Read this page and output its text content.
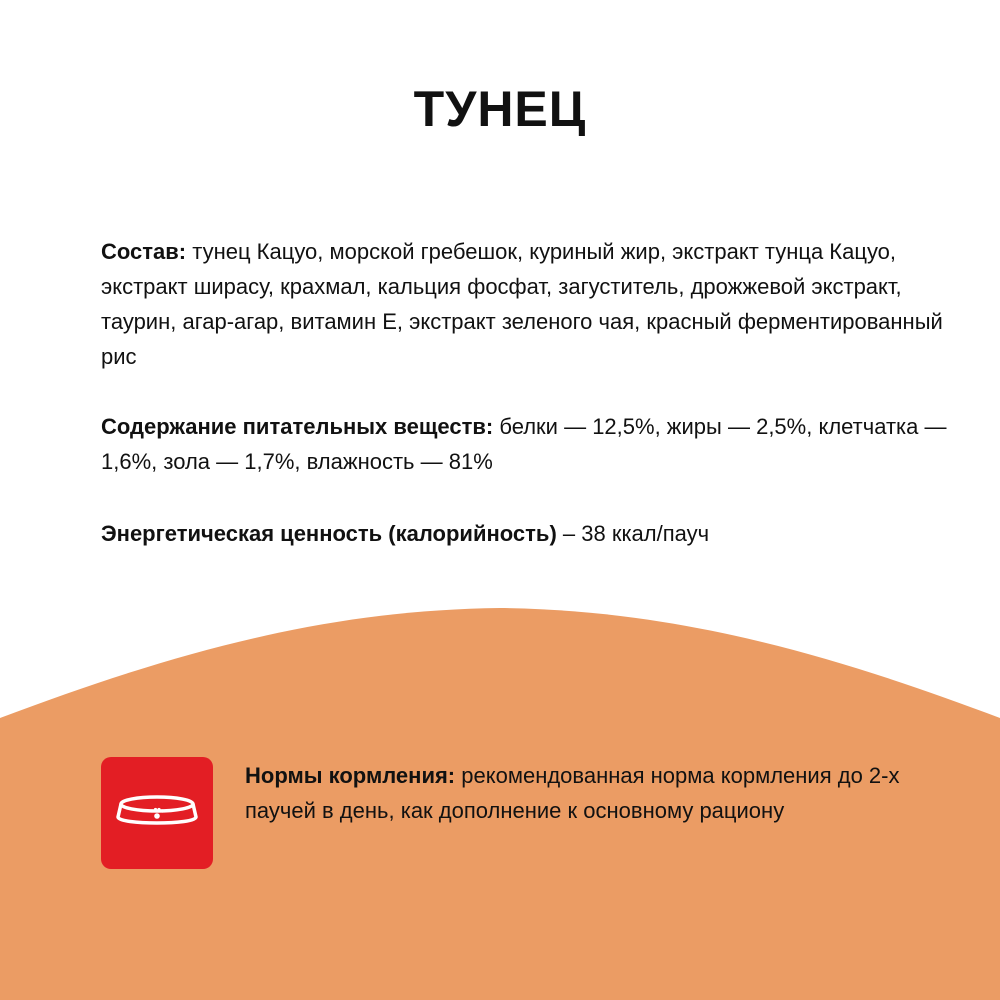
ТУНЕЦ

Состав: тунец Кацуо, морской гребешок, куриный жир, экстракт тунца Кацуо, экстракт ширасу, крахмал, кальция фосфат, загуститель, дрожжевой экстракт, таурин, агар-агар, витамин Е, экстракт зеленого чая, красный ферментированный рис

Содержание питательных веществ: белки — 12,5%, жиры — 2,5%, клетчатка — 1,6%, зола — 1,7%, влажность — 81%

Энергетическая ценность (калорийность) – 38 ккал/пауч

Нормы кормления: рекомендованная норма кормления до 2-х паучей в день, как дополнение к основному рациону
